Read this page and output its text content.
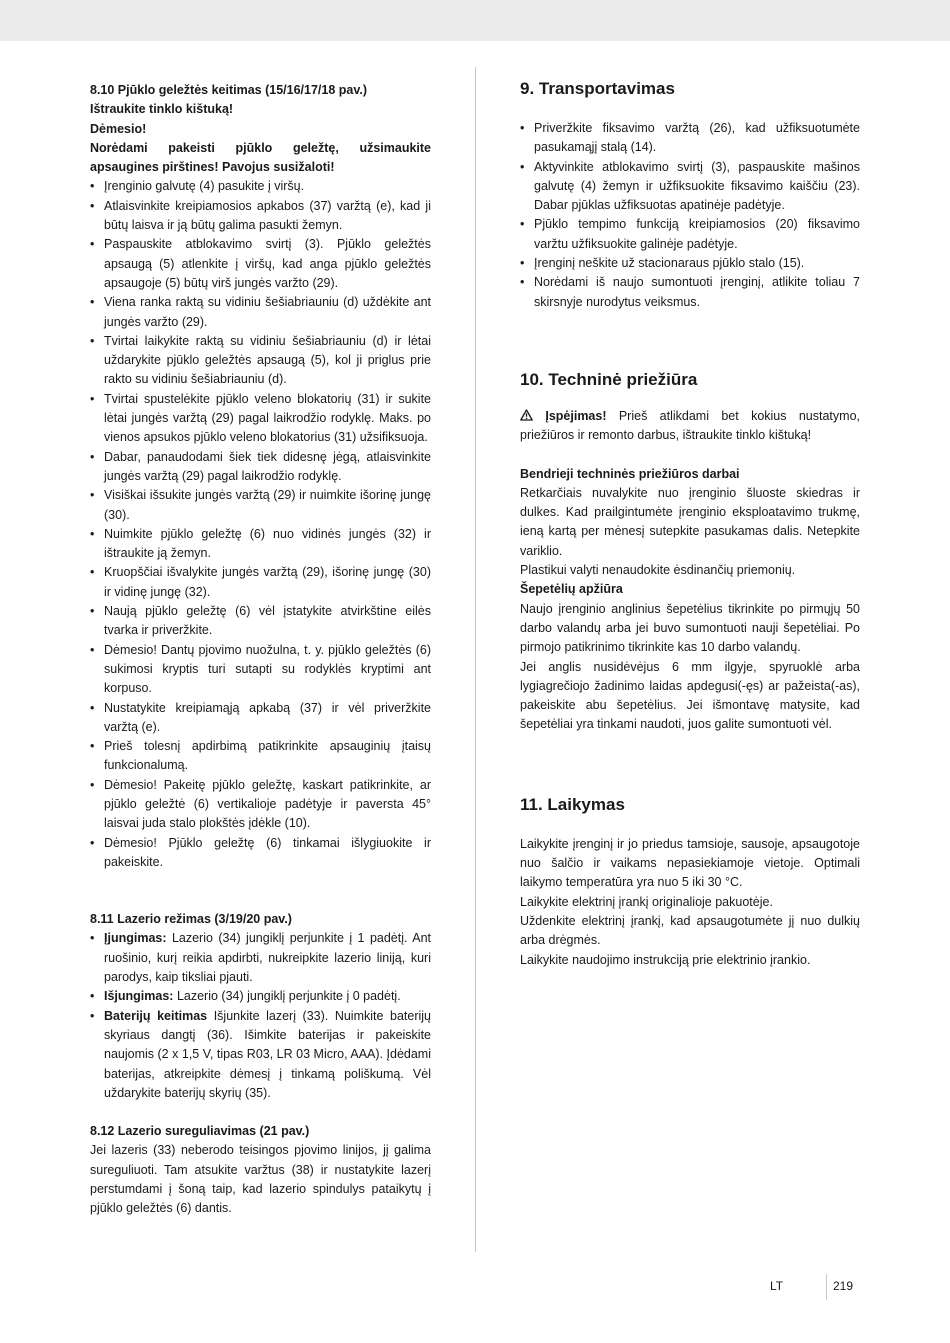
8.10 Pjūklo geležtės keitimas (15/16/17/18 pav.)

Ištraukite tinklo kištuką!

Dėmesio!

Norėdami pakeisti pjūklo geležtę, užsimaukite apsaugines pirštines! Pavojus susižaloti!

• Įrenginio galvutę (4) pasukite į viršų.
• Atlaisvinkite kreipiamosios apkabos (37) varžtą (e), kad ji būtų laisva ir ją būtų galima pasukti žemyn.
• Paspauskite atblokavimo svirtį (3). Pjūklo geležtės apsaugą (5) atlenkite į viršų, kad anga pjūklo geležtės apsaugoje (5) būtų virš jungės varžto (29).
• Viena ranka raktą su vidiniu šešiabriauniu (d) uždėkite ant jungės varžto (29).
• Tvirtai laikykite raktą su vidiniu šešiabriauniu (d) ir lėtai uždarykite pjūklo geležtės apsaugą (5), kol ji priglus prie rakto su vidiniu šešiabriauniu (d).
• Tvirtai spustelėkite pjūklo veleno blokatorių (31) ir sukite lėtai jungės varžtą (29) pagal laikrodžio rodyklę. Maks. po vienos apsukos pjūklo veleno blokatorius (31) užsifiksuoja.
• Dabar, panaudodami šiek tiek didesnę jėgą, atlaisvinkite jungės varžtą (29) pagal laikrodžio rodyklę.
• Visiškai išsukite jungės varžtą (29) ir nuimkite išorinę jungę (30).
• Nuimkite pjūklo geležtę (6) nuo vidinės jungės (32) ir ištraukite ją žemyn.
• Kruopščiai išvalykite jungės varžtą (29), išorinę jungę (30) ir vidinę jungę (32).
• Naują pjūklo geležtę (6) vėl įstatykite atvirkštine eilės tvarka ir priveržkite.
• Dėmesio! Dantų pjovimo nuožulna, t. y. pjūklo geležtės (6) sukimosi kryptis turi sutapti su rodyklės kryptimi ant korpuso.
• Nustatykite kreipiamąją apkabą (37) ir vėl priveržkite varžtą (e).
• Prieš tolesnį apdirbimą patikrinkite apsauginių įtaisų funkcionalumą.
• Dėmesio! Pakeitę pjūklo geležtę, kaskart patikrinkite, ar pjūklo geležtė (6) vertikalioje padėtyje ir paversta 45° laisvai juda stalo plokštės įdėkle (10).
• Dėmesio! Pjūklo geležtę (6) tinkamai išlygiuokite ir pakeiskite.

8.11 Lazerio režimas (3/19/20 pav.)

• Įjungimas: Lazerio (34) jungiklį perjunkite į 1 padėtį. Ant ruošinio, kurį reikia apdirbti, nukreipkite lazerio liniją, kuri parodys, kaip tiksliai pjauti.
• Išjungimas: Lazerio (34) jungiklį perjunkite į 0 padėtį.
• Baterijų keitimas Išjunkite lazerį (33). Nuimkite baterijų skyriaus dangtį (36). Išimkite baterijas ir pakeiskite naujomis (2 x 1,5 V, tipas R03, LR 03 Micro, AAA). Įdėdami baterijas, atkreipkite dėmesį į tinkamą poliškumą. Vėl uždarykite baterijų skyrių (35).

8.12 Lazerio sureguliavimas (21 pav.)

Jei lazeris (33) neberodo teisingos pjovimo linijos, jį galima sureguliuoti. Tam atsukite varžtus (38) ir nustatykite lazerį perstumdami į šoną taip, kad lazerio spindulys pataikytų į pjūklo geležtės (6) dantis.

9. Transportavimas
• Priveržkite fiksavimo varžtą (26), kad užfiksuotumėte pasukamąjį stalą (14).
• Aktyvinkite atblokavimo svirtį (3), paspauskite mašinos galvutę (4) žemyn ir užfiksuokite fiksavimo kaiščiu (23). Dabar pjūklas užfiksuotas apatinėje padėtyje.
• Pjūklo tempimo funkciją kreipiamosios (20) fiksavimo varžtu užfiksuokite galinėje padėtyje.
• Įrenginį neškite už stacionaraus pjūklo stalo (15).
• Norėdami iš naujo sumontuoti įrenginį, atlikite toliau 7 skirsnyje nurodytus veiksmus.
10. Techninė priežiūra

Įspėjimas! Prieš atlikdami bet kokius nustatymo, priežiūros ir remonto darbus, ištraukite tinklo kištuką!

Bendrieji techninės priežiūros darbai

Retkarčiais nuvalykite nuo įrenginio šluoste skiedras ir dulkes. Kad prailgintumėte įrenginio eksploatavimo trukmę, ieną kartą per mėnesį sutepkite pasukamas dalis. Netepkite variklio.

Plastikui valyti nenaudokite ėsdinančių priemonių.

Šepetėlių apžiūra

Naujo įrenginio anglinius šepetėlius tikrinkite po pirmųjų 50 darbo valandų arba jei buvo sumontuoti nauji šepetėliai. Po pirmojo patikrinimo tikrinkite kas 10 darbo valandų.

Jei anglis nusidėvėjus 6 mm ilgyje, spyruoklė arba lygiagrečiojo žadinimo laidas apdegusi(-ęs) ar pažeista(-as), pakeiskite abu šepetėlius. Jei išmontavę matysite, kad šepetėliai yra tinkami naudoti, juos galite sumontuoti vėl.

11. Laikymas

Laikykite įrenginį ir jo priedus tamsioje, sausoje, apsaugotoje nuo šalčio ir vaikams nepasiekiamoje vietoje. Optimali laikymo temperatūra yra nuo 5 iki 30 °C.

Laikykite elektrinį įrankį originalioje pakuotėje.

Uždenkite elektrinį įrankį, kad apsaugotumėte jį nuo dulkių arba drėgmės.

Laikykite naudojimo instrukciją prie elektrinio įrankio.

LT	219
